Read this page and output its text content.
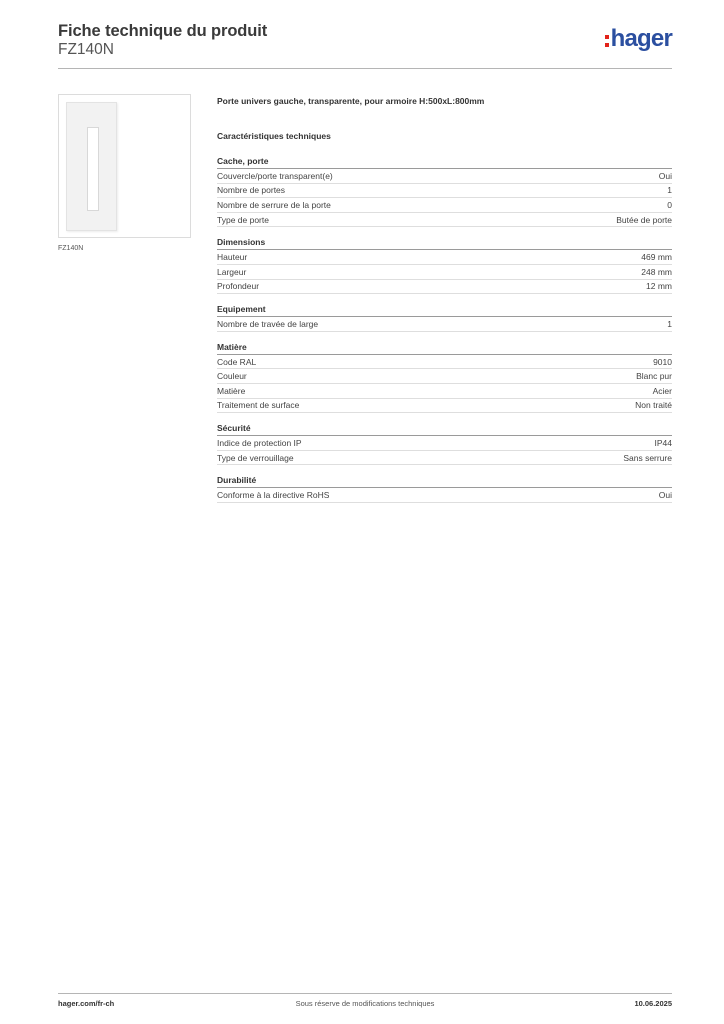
Fiche technique du produit
FZ140N	hager
FZ140N
Porte univers gauche, transparente, pour armoire H:500xL:800mm
Caractéristiques techniques
Cache, porte
Couvercle/porte transparent(e)	Oui
Nombre de portes	1
Nombre de serrure de la porte	0
Type de porte	Butée de porte
Dimensions
Hauteur	469 mm
Largeur	248 mm
Profondeur	12 mm
Equipement
Nombre de travée de large	1
Matière
Code RAL	9010
Couleur	Blanc pur
Matière	Acier
Traitement de surface	Non traité
Sécurité
Indice de protection IP	IP44
Type de verrouillage	Sans serrure
Durabilité
Conforme à la directive RoHS	Oui
hager.com/fr-ch	Sous réserve de modifications techniques	10.06.2025
